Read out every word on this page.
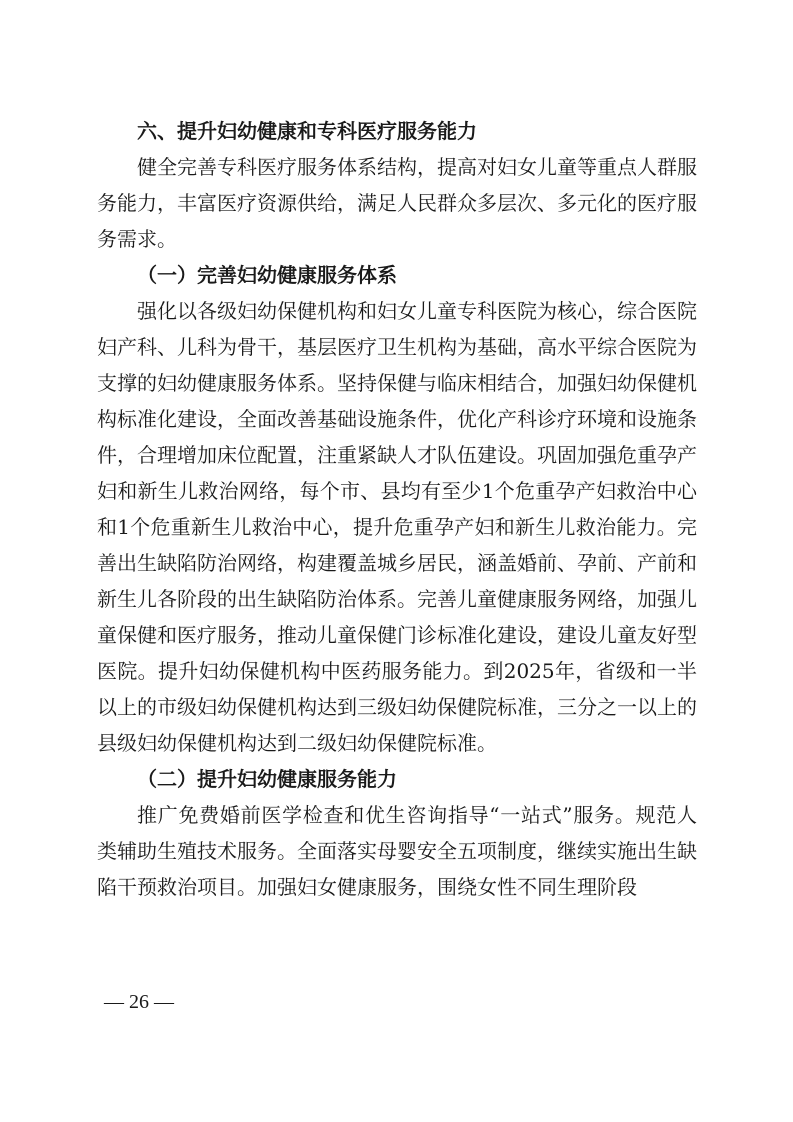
六、提升妇幼健康和专科医疗服务能力

健全完善专科医疗服务体系结构，提高对妇女儿童等重点人群服务能力，丰富医疗资源供给，满足人民群众多层次、多元化的医疗服务需求。

（一）完善妇幼健康服务体系

强化以各级妇幼保健机构和妇女儿童专科医院为核心，综合医院妇产科、儿科为骨干，基层医疗卫生机构为基础，高水平综合医院为支撑的妇幼健康服务体系。坚持保健与临床相结合，加强妇幼保健机构标准化建设，全面改善基础设施条件，优化产科诊疗环境和设施条件，合理增加床位配置，注重紧缺人才队伍建设。巩固加强危重孕产妇和新生儿救治网络，每个市、县均有至少1个危重孕产妇救治中心和1个危重新生儿救治中心，提升危重孕产妇和新生儿救治能力。完善出生缺陷防治网络，构建覆盖城乡居民，涵盖婚前、孕前、产前和新生儿各阶段的出生缺陷防治体系。完善儿童健康服务网络，加强儿童保健和医疗服务，推动儿童保健门诊标准化建设，建设儿童友好型医院。提升妇幼保健机构中医药服务能力。到2025年，省级和一半以上的市级妇幼保健机构达到三级妇幼保健院标准，三分之一以上的县级妇幼保健机构达到二级妇幼保健院标准。

（二）提升妇幼健康服务能力

推广免费婚前医学检查和优生咨询指导“一站式”服务。规范人类辅助生殖技术服务。全面落实母婴安全五项制度，继续实施出生缺陷干预救治项目。加强妇女健康服务，围绕女性不同生理阶段

— 26 —
